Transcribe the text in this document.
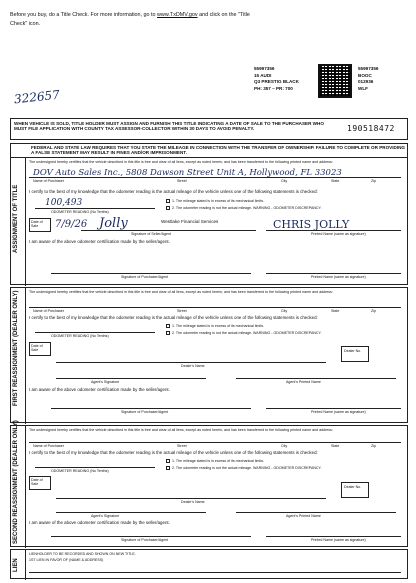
Before you buy, do a Title Check. For more information, go to www.TxDMV.gov and click on the "Title
Check" icon.
55997356
15 AUDI
Q3 PRESTIG BLACK
PH: 357 – PR: 700
55997356
BOOC
012936
WLF
322657
WHEN VEHICLE IS SOLD, TITLE HOLDER MUST ASSIGN AND FURNISH THIS TITLE INDICATING A DATE OF SALE TO THE PURCHASER WHO MUST FILE APPLICATION WITH COUNTY TAX ASSESSOR-COLLECTOR WITHIN 30 DAYS TO AVOID PENALTY.	190518472
FEDERAL AND STATE LAW REQUIRES THAT YOU STATE THE MILEAGE IN CONNECTION WITH THE TRANSFER OF OWNERSHIP. FAILURE TO COMPLETE OR PROVIDING A FALSE STATEMENT MAY RESULT IN FINES AND/OR IMPRISONMENT.
ASSIGNMENT OF TITLE
The undersigned hereby certifies that the vehicle described in this title is free and clear of all liens, except as noted herein, and has been transferred to the following printed name and address:
DOV Auto Sales Inc., 5808 Dawson Street Unit A, Hollywood, FL 33023
Name of Purchaser	Street	City	State	Zip
I certify to the best of my knowledge that the odometer reading is the actual mileage of the vehicle unless one of the following statements is checked:
100,493
ODOMETER READING (No Tenths)
1. The mileage stated is in excess of its mechanical limits.
2. The odometer reading is not the actual mileage. WARNING - ODOMETER DISCREPANCY.
Date of Sale	7/9/26 Jolly	Westlake Financial Services	CHRIS JOLLY
Signature of Seller/Agent	Printed Name (same as signature)
I am aware of the above odometer certification made by the seller/agent.
Signature of Purchaser/Agent	Printed Name (same as signature)
FIRST REASSIGNMENT (DEALER ONLY)	The undersigned hereby certifies that the vehicle described in this title is free and clear of all liens, except as noted herein, and has been transferred to the following printed name and address:
Name of Purchaser	Street	City	State	Zip
I certify to the best of my knowledge that the odometer reading is the actual mileage of the vehicle unless one of the following statements is checked:
ODOMETER READING (No Tenths)
1. The mileage stated is in excess of its mechanical limits.
2. The odometer reading is not the actual mileage. WARNING - ODOMETER DISCREPANCY.
Date of Sale	Dealer No.
Dealer's Name
Agent's Signature	Agent's Printed Name
I am aware of the above odometer certification made by the seller/agent.
Signature of Purchaser/Agent	Printed Name (same as signature)
SECOND REASSIGNMENT (DEALER ONLY)	The undersigned hereby certifies that the vehicle described in this title is free and clear of all liens, except as noted herein, and has been transferred to the following printed name and address:
Name of Purchaser	Street	City	State	Zip
I certify to the best of my knowledge that the odometer reading is the actual mileage of the vehicle unless one of the following statements is checked:
ODOMETER READING (No Tenths)
1. The mileage stated is in excess of its mechanical limits.
2. The odometer reading is not the actual mileage. WARNING - ODOMETER DISCREPANCY.
Date of Sale
Dealer No.
Dealer's Name
Agent's Signature	Agent's Printed Name
I am aware of the above odometer certification made by the seller/agent.
Signature of Purchaser/Agent	Printed Name (same as signature)
LIEN
LIENHOLDER TO BE RECORDED AND SHOWN ON NEW TITLE.
1ST LIEN IN FAVOR OF (NAME & ADDRESS)
